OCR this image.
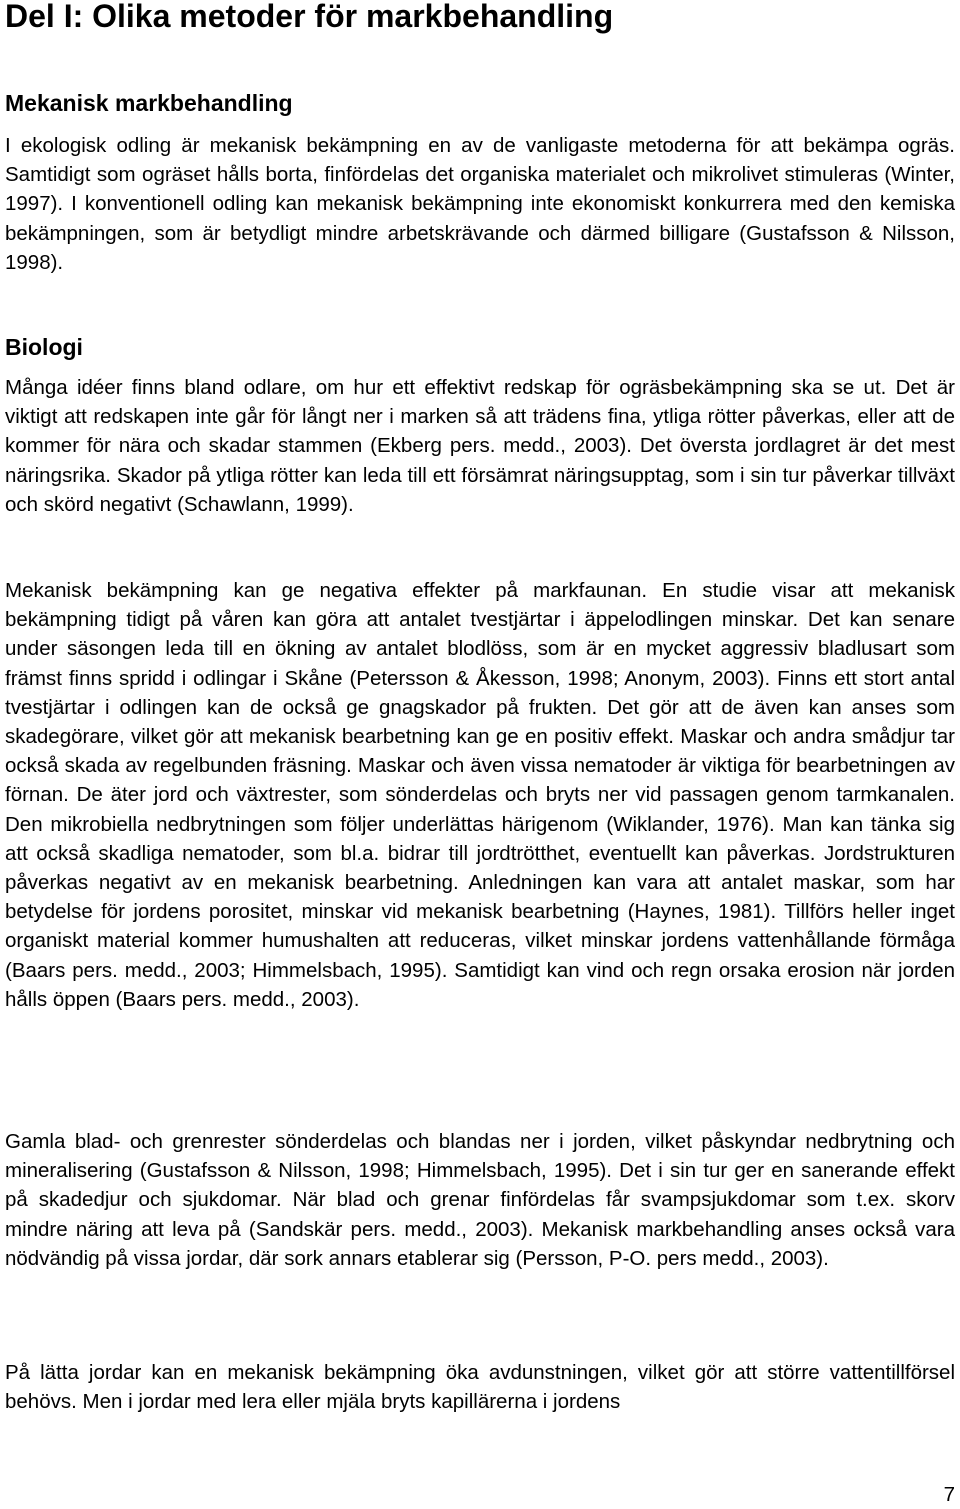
Del I: Olika metoder för markbehandling
Mekanisk markbehandling

I ekologisk odling är mekanisk bekämpning en av de vanligaste metoderna för att bekämpa ogräs. Samtidigt som ogräset hålls borta, finfördelas det organiska materialet och mikrolivet stimuleras (Winter, 1997). I konventionell odling kan mekanisk bekämpning inte ekonomiskt konkurrera med den kemiska bekämpningen, som är betydligt mindre arbetskrävande och därmed billigare (Gustafsson & Nilsson, 1998).

Biologi

Många idéer finns bland odlare, om hur ett effektivt redskap för ogräsbekämpning ska se ut. Det är viktigt att redskapen inte går för långt ner i marken så att trädens fina, ytliga rötter påverkas, eller att de kommer för nära och skadar stammen (Ekberg pers. medd., 2003). Det översta jordlagret är det mest näringsrika. Skador på ytliga rötter kan leda till ett försämrat näringsupptag, som i sin tur påverkar tillväxt och skörd negativt (Schawlann, 1999).

Mekanisk bekämpning kan ge negativa effekter på markfaunan. En studie visar att mekanisk bekämpning tidigt på våren kan göra att antalet tvestjärtar i äppelodlingen minskar. Det kan senare under säsongen leda till en ökning av antalet blodlöss, som är en mycket aggressiv bladlusart som främst finns spridd i odlingar i Skåne (Petersson & Åkesson, 1998; Anonym, 2003). Finns ett stort antal tvestjärtar i odlingen kan de också ge gnagskador på frukten. Det gör att de även kan anses som skadegörare, vilket gör att mekanisk bearbetning kan ge en positiv effekt. Maskar och andra smådjur tar också skada av regelbunden fräsning. Maskar och även vissa nematoder är viktiga för bearbetningen av förnan. De äter jord och växtrester, som sönderdelas och bryts ner vid passagen genom tarmkanalen. Den mikrobiella nedbrytningen som följer underlättas härigenom (Wiklander, 1976). Man kan tänka sig att också skadliga nematoder, som bl.a. bidrar till jordtrötthet, eventuellt kan påverkas. Jordstrukturen påverkas negativt av en mekanisk bearbetning. Anledningen kan vara att antalet maskar, som har betydelse för jordens porositet, minskar vid mekanisk bearbetning (Haynes, 1981). Tillförs heller inget organiskt material kommer humushalten att reduceras, vilket minskar jordens vattenhållande förmåga (Baars pers. medd., 2003; Himmelsbach, 1995). Samtidigt kan vind och regn orsaka erosion när jorden hålls öppen (Baars pers. medd., 2003).

Gamla blad- och grenrester sönderdelas och blandas ner i jorden, vilket påskyndar nedbrytning och mineralisering (Gustafsson & Nilsson, 1998; Himmelsbach, 1995). Det i sin tur ger en sanerande effekt på skadedjur och sjukdomar. När blad och grenar finfördelas får svampsjukdomar som t.ex. skorv mindre näring att leva på (Sandskär pers. medd., 2003). Mekanisk markbehandling anses också vara nödvändig på vissa jordar, där sork annars etablerar sig (Persson, P-O. pers medd., 2003).

På lätta jordar kan en mekanisk bekämpning öka avdunstningen, vilket gör att större vattentillförsel behövs. Men i jordar med lera eller mjäla bryts kapillärerna i jordens

7
